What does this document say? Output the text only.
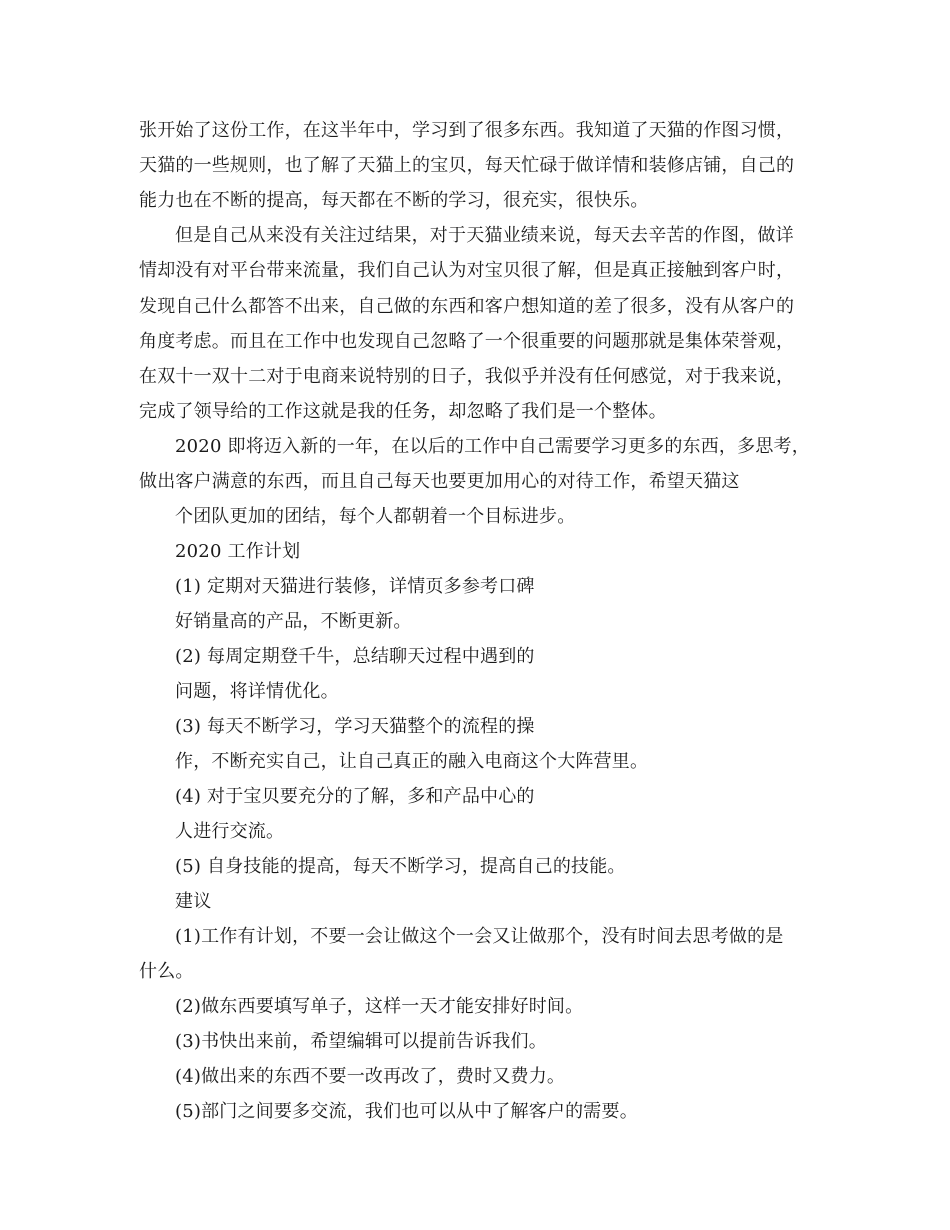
张开始了这份工作，在这半年中，学习到了很多东西。我知道了天猫的作图习惯，
天猫的一些规则，也了解了天猫上的宝贝，每天忙碌于做详情和装修店铺，自己的
能力也在不断的提高，每天都在不断的学习，很充实，很快乐。
但是自己从来没有关注过结果，对于天猫业绩来说，每天去辛苦的作图，做详
情却没有对平台带来流量，我们自己认为对宝贝很了解，但是真正接触到客户时，
发现自己什么都答不出来，自己做的东西和客户想知道的差了很多，没有从客户的
角度考虑。而且在工作中也发现自己忽略了一个很重要的问题那就是集体荣誉观，
在双十一双十二对于电商来说特别的日子，我似乎并没有任何感觉，对于我来说，
完成了领导给的工作这就是我的任务，却忽略了我们是一个整体。
2020 即将迈入新的一年，在以后的工作中自己需要学习更多的东西，多思考，
做出客户满意的东西，而且自己每天也要更加用心的对待工作，希望天猫这
个团队更加的团结，每个人都朝着一个目标进步。
2020 工作计划
(1) 定期对天猫进行装修，详情页多参考口碑
好销量高的产品，不断更新。
(2) 每周定期登千牛，总结聊天过程中遇到的
问题，将详情优化。
(3) 每天不断学习，学习天猫整个的流程的操
作，不断充实自己，让自己真正的融入电商这个大阵营里。
(4) 对于宝贝要充分的了解，多和产品中心的
人进行交流。
(5) 自身技能的提高，每天不断学习，提高自己的技能。
建议
(1)工作有计划，不要一会让做这个一会又让做那个，没有时间去思考做的是
什么。
(2)做东西要填写单子，这样一天才能安排好时间。
(3)书快出来前，希望编辑可以提前告诉我们。
(4)做出来的东西不要一改再改了，费时又费力。
(5)部门之间要多交流，我们也可以从中了解客户的需要。
